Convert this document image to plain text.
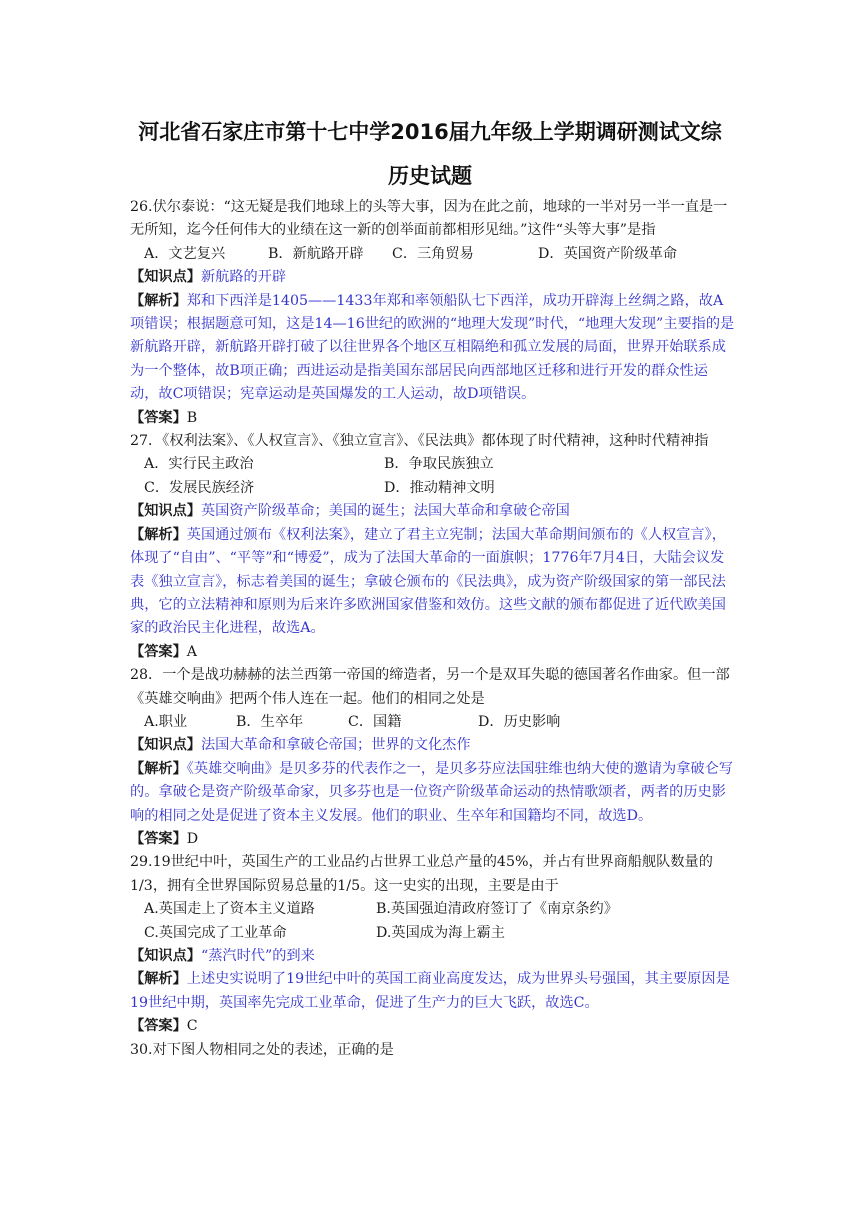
河北省石家庄市第十七中学2016届九年级上学期调研测试文综
历史试题

26.伏尔泰说：“这无疑是我们地球上的头等大事，因为在此之前，地球的一半对另一半一直是一无所知，迄今任何伟大的业绩在这一新的创举面前都相形见绌。”这件“头等大事”是指

A．文艺复兴	B．新航路开辟 C．三角贸易	D．英国资产阶级革命

【知识点】新航路的开辟

【解析】郑和下西洋是1405——1433年郑和率领船队七下西洋，成功开辟海上丝绸之路，故A项错误；根据题意可知，这是14—16世纪的欧洲的“地理大发现”时代，“地理大发现”主要指的是新航路开辟，新航路开辟打破了以往世界各个地区互相隔绝和孤立发展的局面，世界开始联系成为一个整体，故B项正确；西进运动是指美国东部居民向西部地区迁移和进行开发的群众性运动，故C项错误；宪章运动是英国爆发的工人运动，故D项错误。

【答案】B

27．《权利法案》、《人权宣言》、《独立宣言》、《民法典》都体现了时代精神，这种时代精神指

A．实行民主政治	B．争取民族独立
C．发展民族经济	D．推动精神文明

【知识点】英国资产阶级革命；美国的诞生；法国大革命和拿破仑帝国

【解析】英国通过颁布《权利法案》，建立了君主立宪制；法国大革命期间颁布的《人权宣言》，体现了“自由”、“平等”和“博爱”，成为了法国大革命的一面旗帜；1776年7月4日，大陆会议发表《独立宣言》，标志着美国的诞生；拿破仑颁布的《民法典》，成为资产阶级国家的第一部民法典，它的立法精神和原则为后来许多欧洲国家借鉴和效仿。这些文献的颁布都促进了近代欧美国家的政治民主化进程，故选A。

【答案】A

28．一个是战功赫赫的法兰西第一帝国的缔造者，另一个是双耳失聪的德国著名作曲家。但一部《英雄交响曲》把两个伟人连在一起。他们的相同之处是

A.职业	B．生卒年	C．国籍	D．历史影响

【知识点】法国大革命和拿破仑帝国；世界的文化杰作

【解析】《英雄交响曲》是贝多芬的代表作之一，是贝多芬应法国驻维也纳大使的邀请为拿破仑写的。拿破仑是资产阶级革命家，贝多芬也是一位资产阶级革命运动的热情歌颂者，两者的历史影响的相同之处是促进了资本主义发展。他们的职业、生卒年和国籍均不同，故选D。

【答案】D

29.19世纪中叶，英国生产的工业品约占世界工业总产量的45%，并占有世界商船舰队数量的1/3，拥有全世界国际贸易总量的1/5。这一史实的出现，主要是由于

A.英国走上了资本主义道路	B.英国强迫清政府签订了《南京条约》
C.英国完成了工业革命	D.英国成为海上霸主

【知识点】“蒸汽时代”的到来

【解析】上述史实说明了19世纪中叶的英国工商业高度发达，成为世界头号强国，其主要原因是19世纪中期，英国率先完成工业革命，促进了生产力的巨大飞跃，故选C。

【答案】C

30.对下图人物相同之处的表述，正确的是
